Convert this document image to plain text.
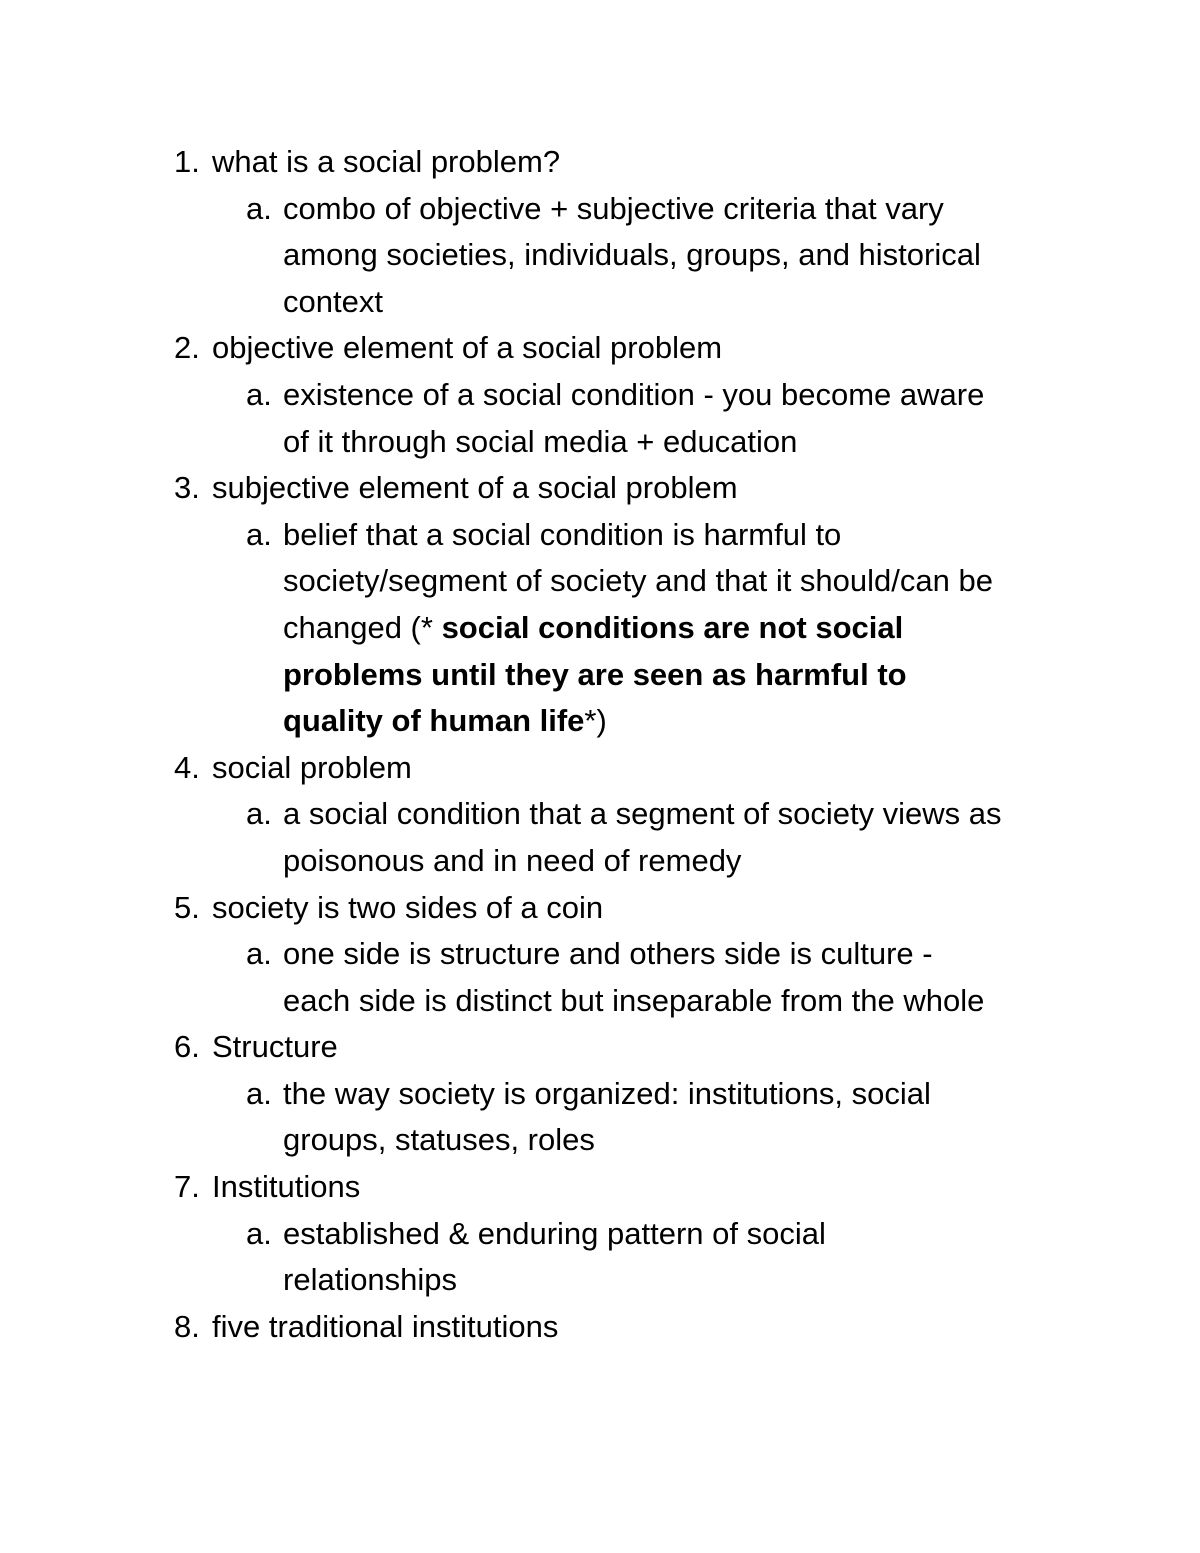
1. what is a social problem?
a. combo of objective + subjective criteria that vary among societies, individuals, groups, and historical context
2. objective element of a social problem
a. existence of a social condition - you become aware of it through social media + education
3. subjective element of a social problem
a. belief that a social condition is harmful to society/segment of society and that it should/can be changed (* social conditions are not social problems until they are seen as harmful to quality of human life*)
4. social problem
a. a social condition that a segment of society views as poisonous and in need of remedy
5. society is two sides of a coin
a. one side is structure and others side is culture - each side is distinct but inseparable from the whole
6. Structure
a. the way society is organized: institutions, social groups, statuses, roles
7. Institutions
a. established & enduring pattern of social relationships
8. five traditional institutions
